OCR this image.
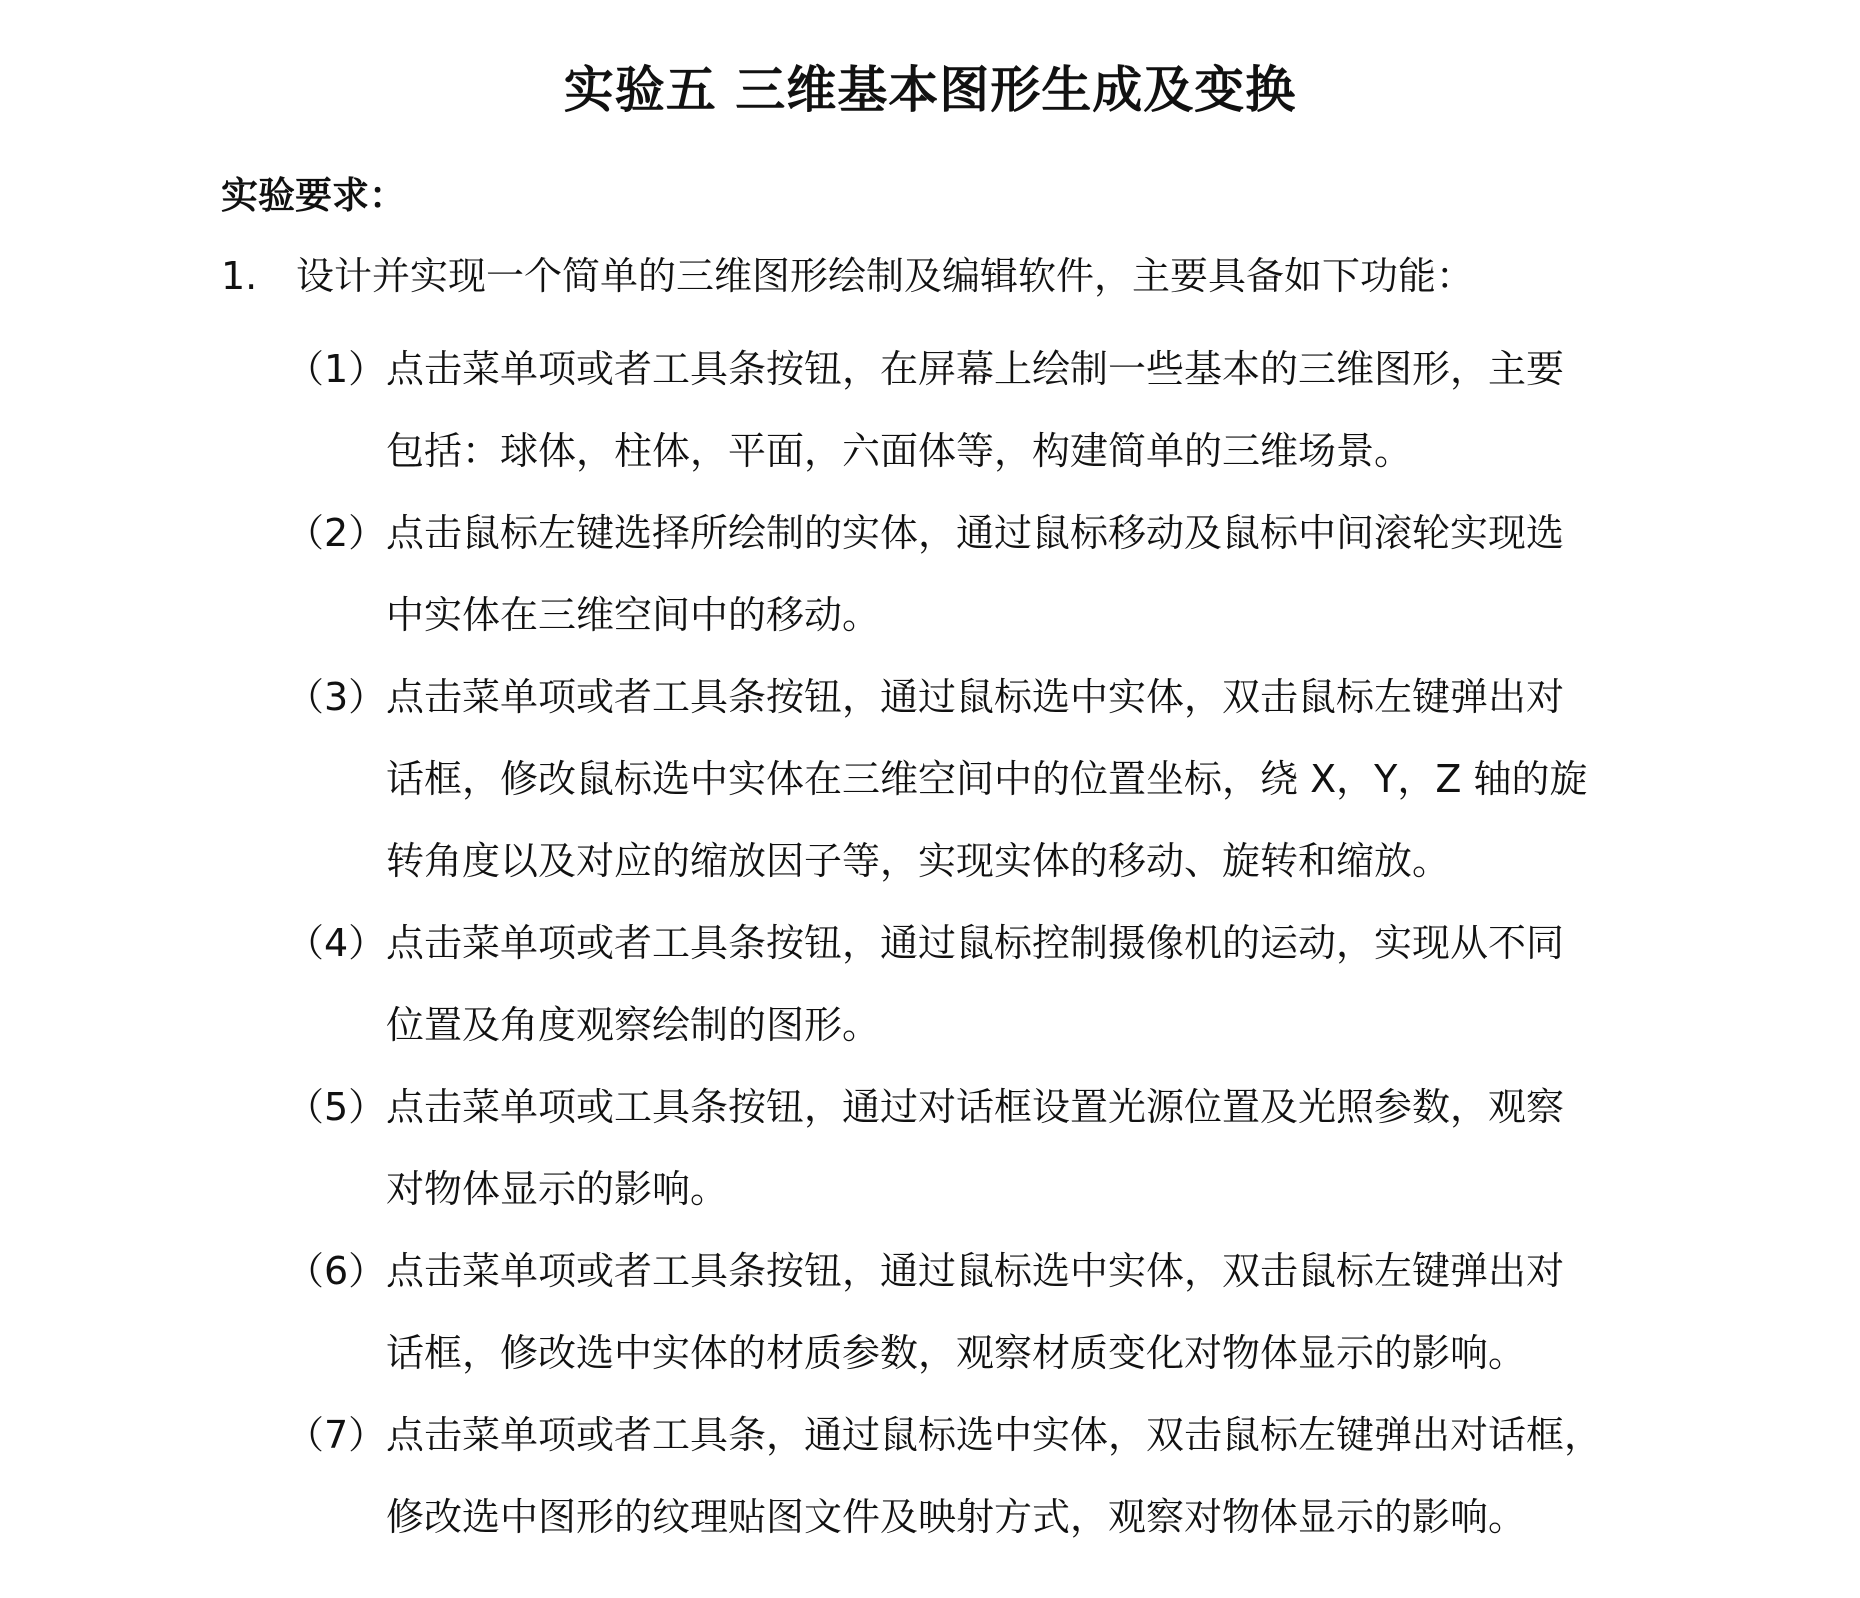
实验五 三维基本图形生成及变换
实验要求：
1. 设计并实现一个简单的三维图形绘制及编辑软件，主要具备如下功能：
（1） 点击菜单项或者工具条按钮，在屏幕上绘制一些基本的三维图形，主要
包括：球体，柱体，平面，六面体等，构建简单的三维场景。
（2） 点击鼠标左键选择所绘制的实体，通过鼠标移动及鼠标中间滚轮实现选
中实体在三维空间中的移动。
（3） 点击菜单项或者工具条按钮，通过鼠标选中实体，双击鼠标左键弹出对
话框，修改鼠标选中实体在三维空间中的位置坐标，绕 X，Y，Z 轴的旋
转角度以及对应的缩放因子等，实现实体的移动、旋转和缩放。
（4） 点击菜单项或者工具条按钮，通过鼠标控制摄像机的运动，实现从不同
位置及角度观察绘制的图形。
（5） 点击菜单项或工具条按钮，通过对话框设置光源位置及光照参数，观察
对物体显示的影响。
（6） 点击菜单项或者工具条按钮，通过鼠标选中实体，双击鼠标左键弹出对
话框，修改选中实体的材质参数，观察材质变化对物体显示的影响。
（7） 点击菜单项或者工具条，通过鼠标选中实体，双击鼠标左键弹出对话框，
修改选中图形的纹理贴图文件及映射方式，观察对物体显示的影响。
